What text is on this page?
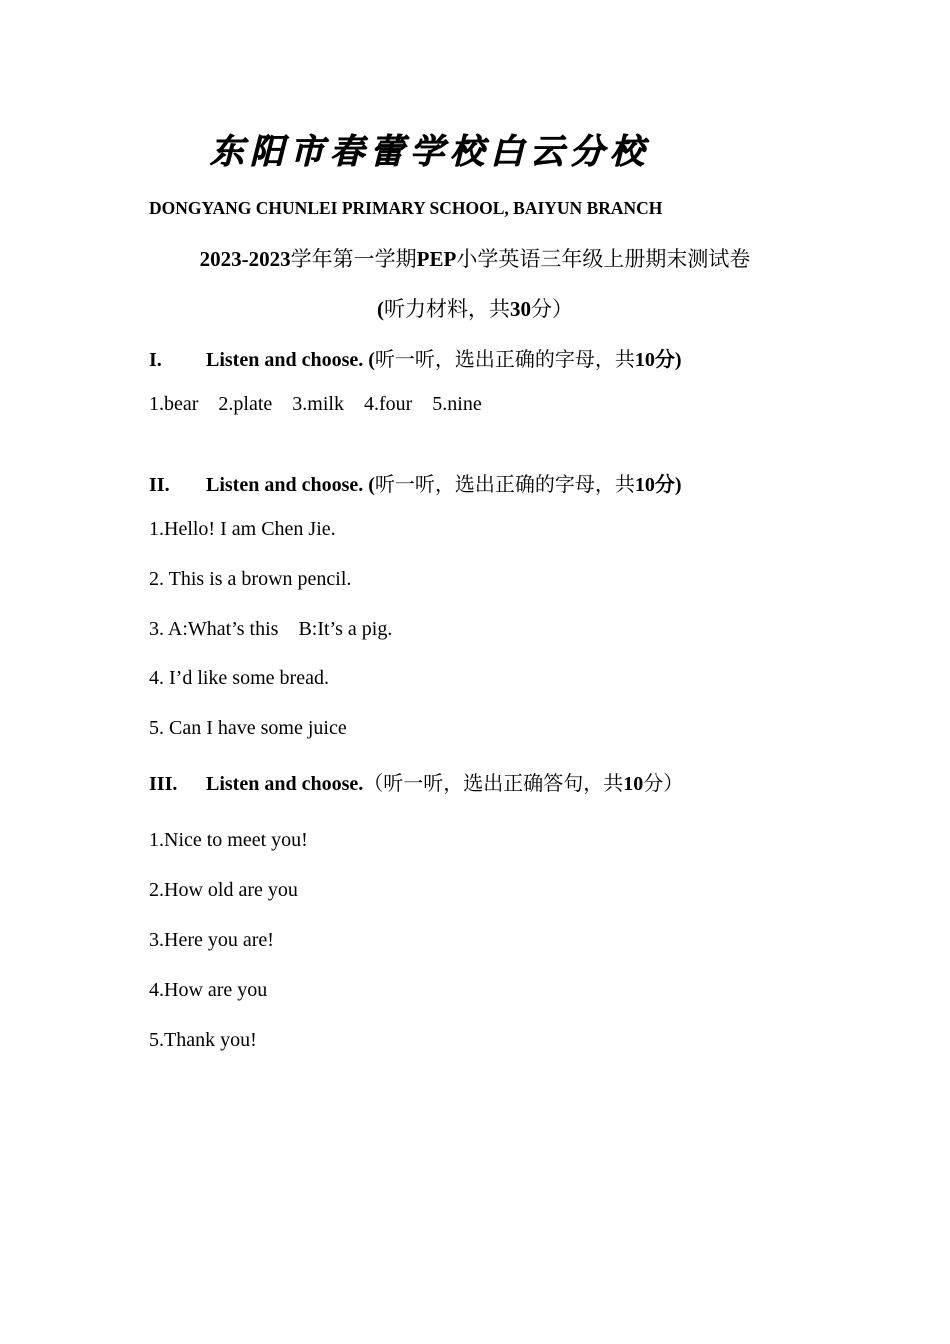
东阳市春蕾学校白云分校
DONGYANG CHUNLEI PRIMARY SCHOOL, BAIYUN BRANCH
2023-2023学年第一学期PEP小学英语三年级上册期末测试卷
(听力材料，共30分）
I. Listen and choose. (听一听，选出正确的字母，共10分)
1.bear    2.plate    3.milk    4.four    5.nine
II. Listen and choose. (听一听，选出正确的字母，共10分)
1.Hello! I am Chen Jie.
2. This is a brown pencil.
3. A:What’s this    B:It’s a pig.
4. I’d like some bread.
5. Can I have some juice
III. Listen and choose.（听一听，选出正确答句，共10分）
1.Nice to meet you!
2.How old are you
3.Here you are!
4.How are you
5.Thank you!
